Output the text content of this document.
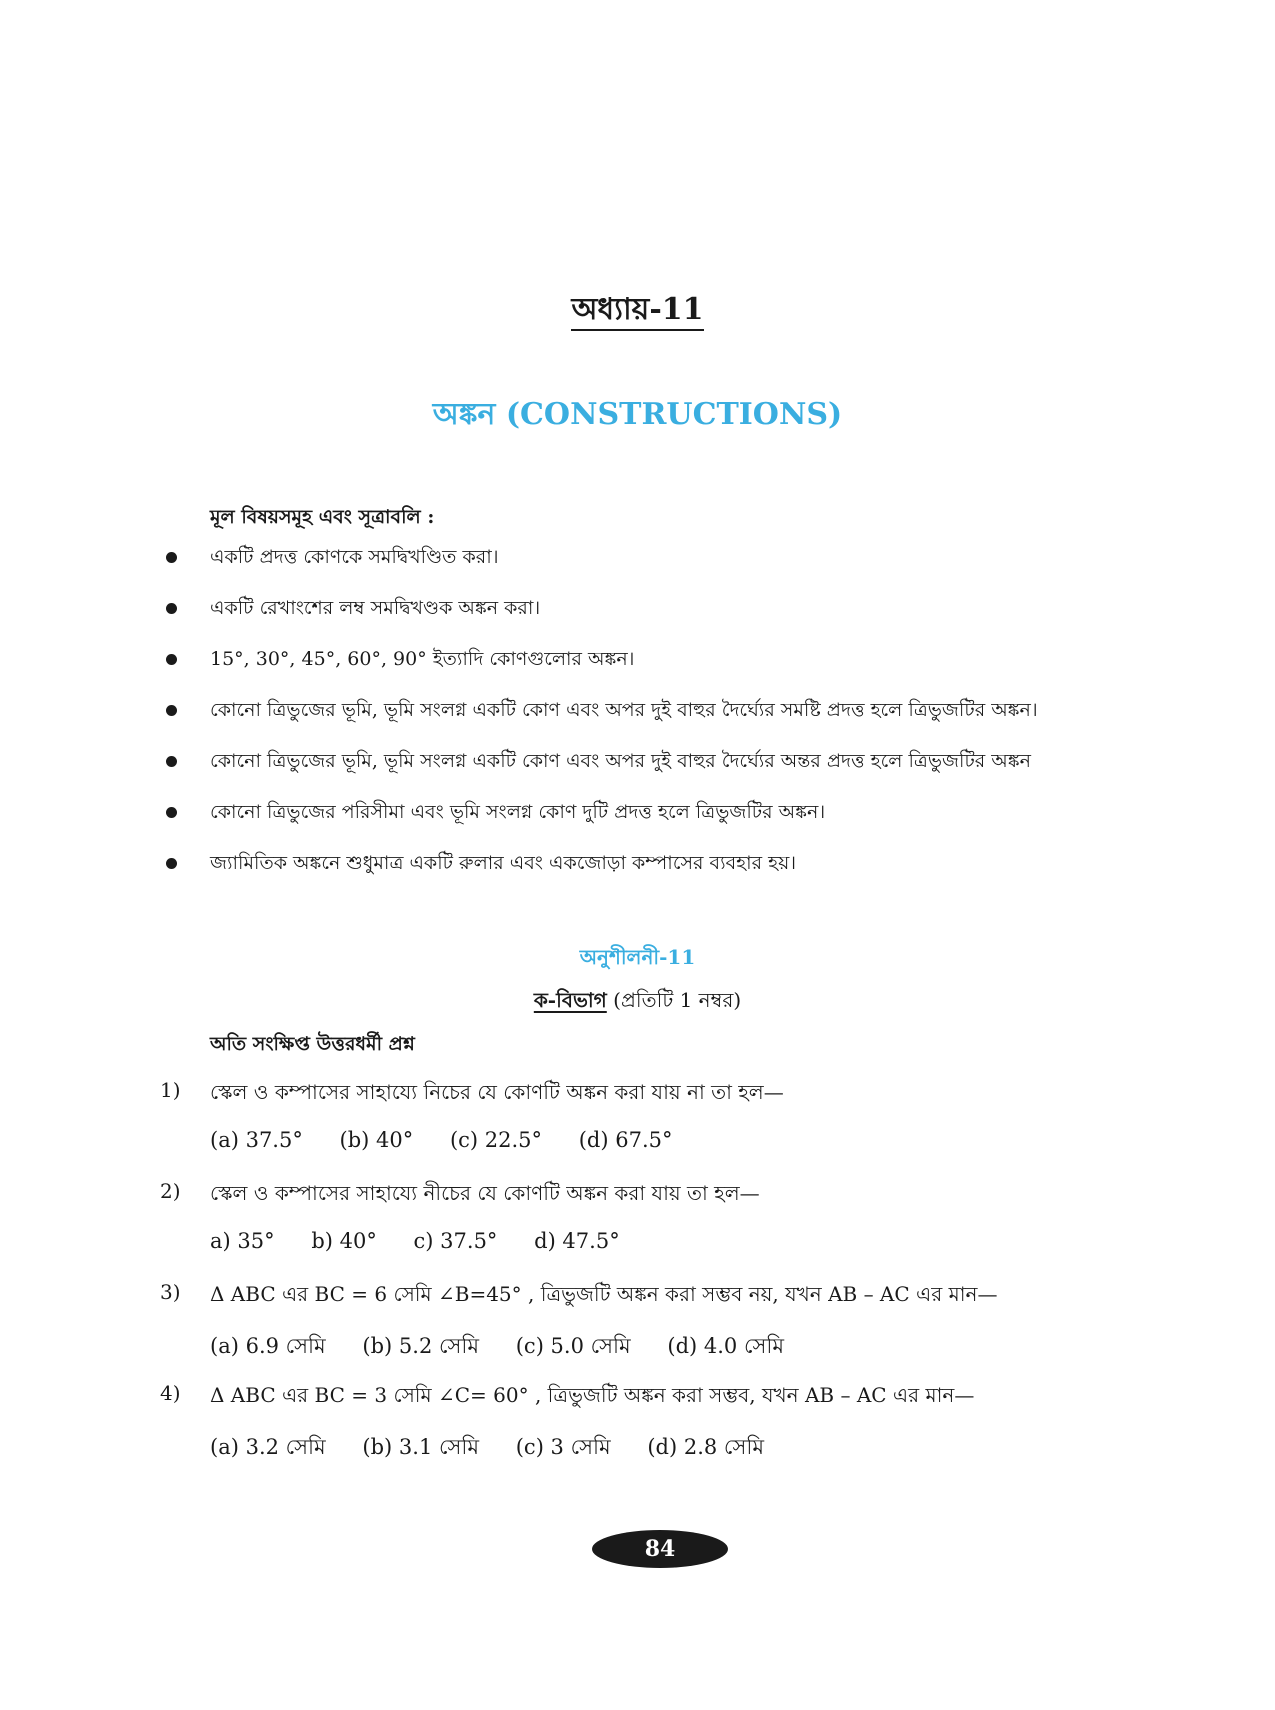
অধ্যায়-11
অঙ্কন (CONSTRUCTIONS)
মূল বিষয়সমূহ এবং সূত্রাবলি :
একটি প্রদত্ত কোণকে সমদ্বিখণ্ডিত করা।
একটি রেখাংশের লম্ব সমদ্বিখণ্ডক অঙ্কন করা।
15°, 30°, 45°, 60°, 90° ইত্যাদি কোণগুলোর অঙ্কন।
কোনো ত্রিভুজের ভূমি, ভূমি সংলগ্ন একটি কোণ এবং অপর দুই বাহুর দৈর্ঘ্যের সমষ্টি প্রদত্ত হলে ত্রিভুজটির অঙ্কন।
কোনো ত্রিভুজের ভূমি, ভূমি সংলগ্ন একটি কোণ এবং অপর দুই বাহুর দৈর্ঘ্যের অন্তর প্রদত্ত হলে ত্রিভুজটির অঙ্কন
কোনো ত্রিভুজের পরিসীমা এবং ভূমি সংলগ্ন কোণ দুটি প্রদত্ত হলে ত্রিভুজটির অঙ্কন।
জ্যামিতিক অঙ্কনে শুধুমাত্র একটি রুলার এবং একজোড়া কম্পাসের ব্যবহার হয়।
অনুশীলনী-11
ক-বিভাগ (প্রতিটি 1 নম্বর)
অতি সংক্ষিপ্ত উত্তরধর্মী প্রশ্ন
1) স্কেল ও কম্পাসের সাহায্যে নিচের যে কোণটি অঙ্কন করা যায় না তা হল—
(a) 37.5° (b) 40° (c) 22.5° (d) 67.5°
2) স্কেল ও কম্পাসের সাহায্যে নীচের যে কোণটি অঙ্কন করা যায় তা হল—
a) 35° b) 40° c) 37.5° d) 47.5°
3) Δ ABC এর BC = 6 সেমি ∠B=45° , ত্রিভুজটি অঙ্কন করা সম্ভব নয়, যখন AB – AC এর মান—
(a) 6.9 সেমি (b) 5.2 সেমি (c) 5.0 সেমি (d) 4.0 সেমি
4) Δ ABC এর BC = 3 সেমি ∠C= 60° , ত্রিভুজটি অঙ্কন করা সম্ভব, যখন AB – AC এর মান—
(a) 3.2 সেমি (b) 3.1 সেমি (c) 3 সেমি (d) 2.8 সেমি
84
